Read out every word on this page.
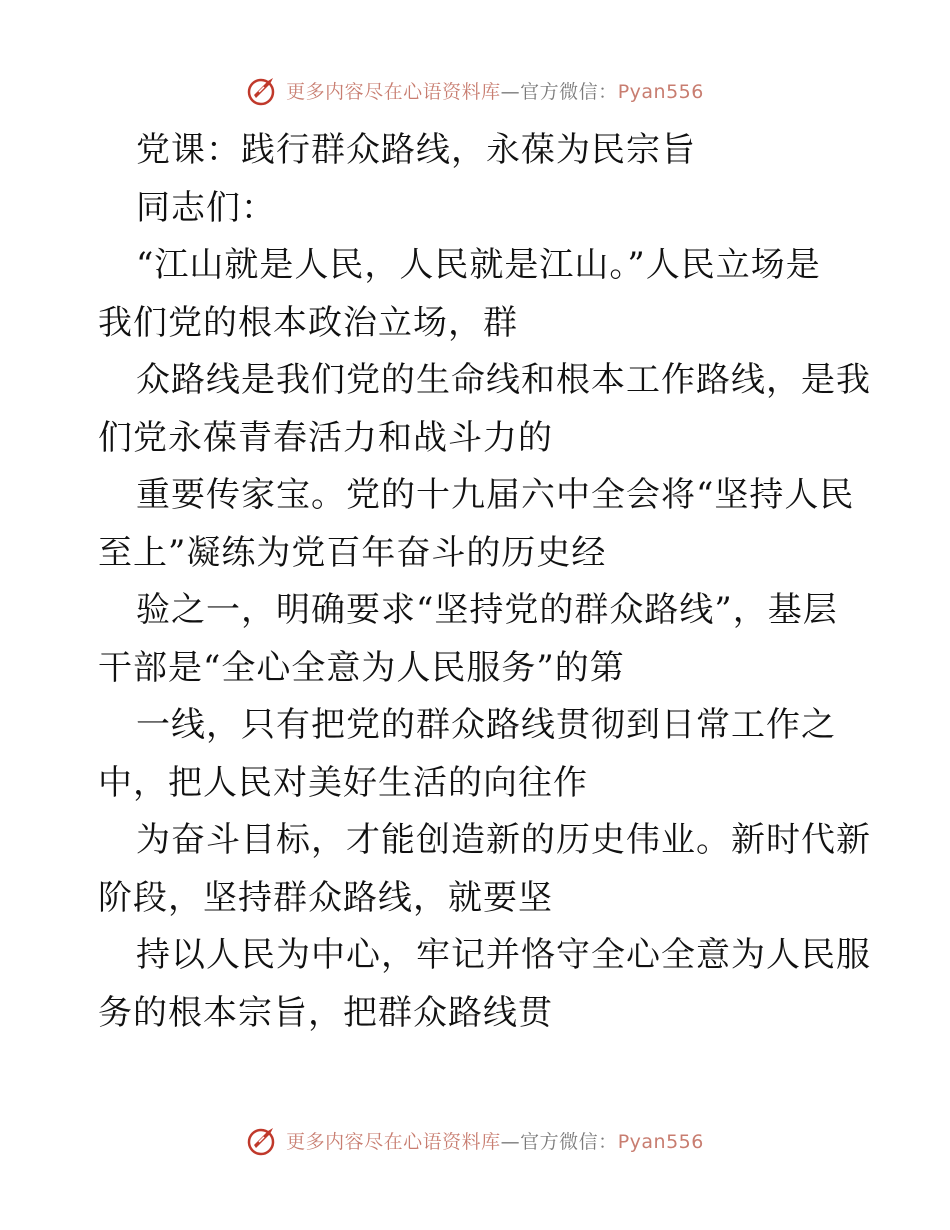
更多内容尽在心语资料库—官方微信：Pyan556
党课：践行群众路线，永葆为民宗旨
同志们：
“江山就是人民，人民就是江山。”人民立场是
我们党的根本政治立场，群
众路线是我们党的生命线和根本工作路线，是我
们党永葆青春活力和战斗力的
重要传家宝。党的十九届六中全会将“坚持人民
至上”凝练为党百年奋斗的历史经
验之一，明确要求“坚持党的群众路线”，基层
干部是“全心全意为人民服务”的第
一线，只有把党的群众路线贯彻到日常工作之
中，把人民对美好生活的向往作
为奋斗目标，才能创造新的历史伟业。新时代新
阶段，坚持群众路线，就要坚
持以人民为中心，牢记并恪守全心全意为人民服
务的根本宗旨，把群众路线贯
更多内容尽在心语资料库—官方微信：Pyan556
